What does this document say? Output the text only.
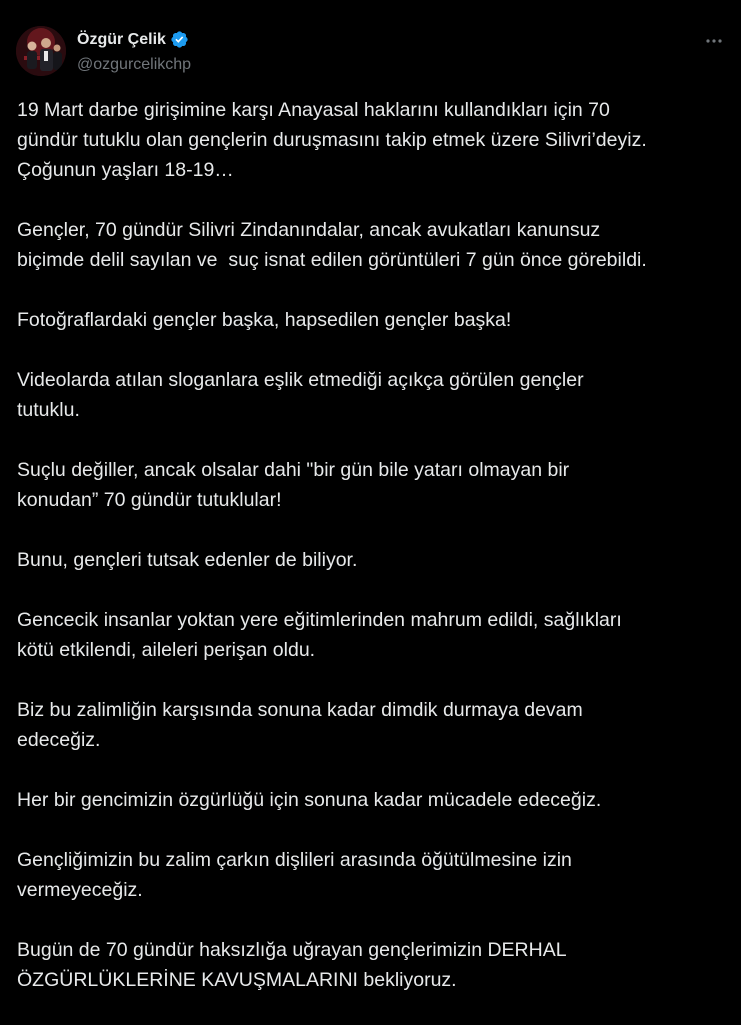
Özgür Çelik
@ozgurcelikchp

19 Mart darbe girişimine karşı Anayasal haklarını kullandıkları için 70
gündür tutuklu olan gençlerin duruşmasını takip etmek üzere Silivri’deyiz.
Çoğunun yaşları 18-19…

Gençler, 70 gündür Silivri Zindanındalar, ancak avukatları kanunsuz
biçimde delil sayılan ve  suç isnat edilen görüntüleri 7 gün önce görebildi.

Fotoğraflardaki gençler başka, hapsedilen gençler başka!

Videolarda atılan sloganlara eşlik etmediği açıkça görülen gençler
tutuklu.

Suçlu değiller, ancak olsalar dahi "bir gün bile yatarı olmayan bir
konudan” 70 gündür tutuklular!

Bunu, gençleri tutsak edenler de biliyor.

Gencecik insanlar yoktan yere eğitimlerinden mahrum edildi, sağlıkları
kötü etkilendi, aileleri perişan oldu.

Biz bu zalimliğin karşısında sonuna kadar dimdik durmaya devam
edeceğiz.

Her bir gencimizin özgürlüğü için sonuna kadar mücadele edeceğiz.

Gençliğimizin bu zalim çarkın dişlileri arasında öğütülmesine izin
vermeyeceğiz.

Bugün de 70 gündür haksızlığa uğrayan gençlerimizin DERHAL
ÖZGÜRLÜKLERİNE KAVUŞMALARINI bekliyoruz.
